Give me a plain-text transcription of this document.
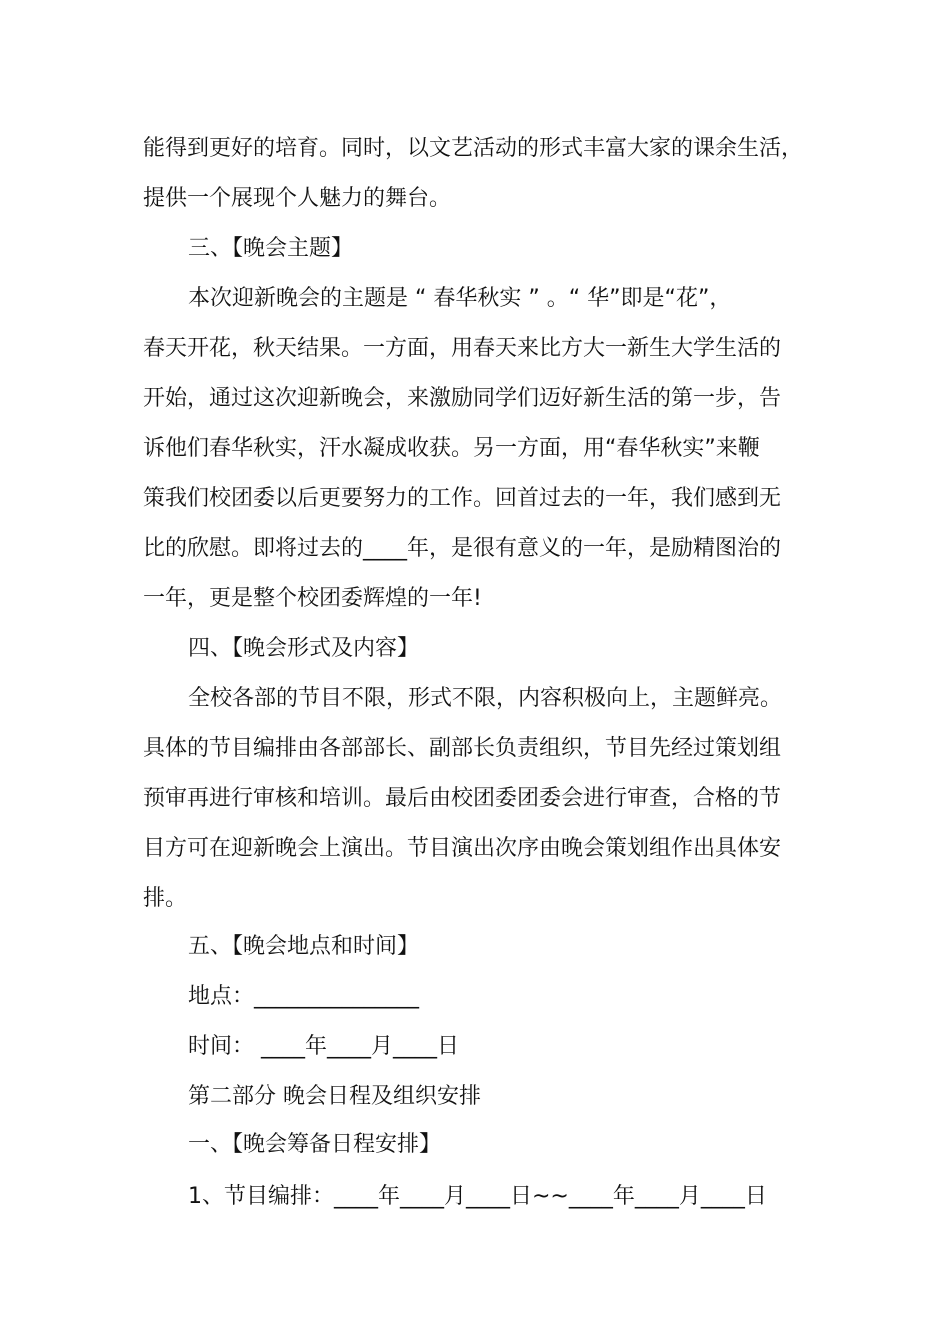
能得到更好的培育。同时，以文艺活动的形式丰富大家的课余生活，

提供一个展现个人魅力的舞台。

三、【晚会主题】

本次迎新晚会的主题是 “ 春华秋实 ” 。“ 华”即是“花”，

春天开花，秋天结果。一方面，用春天来比方大一新生大学生活的

开始，通过这次迎新晚会，来激励同学们迈好新生活的第一步，告

诉他们春华秋实，汗水凝成收获。另一方面，用“春华秋实”来鞭

策我们校团委以后更要努力的工作。回首过去的一年，我们感到无

比的欣慰。即将过去的____年，是很有意义的一年，是励精图治的

一年，更是整个校团委辉煌的一年!

四、【晚会形式及内容】

全校各部的节目不限，形式不限，内容积极向上，主题鲜亮。

具体的节目编排由各部部长、副部长负责组织，节目先经过策划组

预审再进行审核和培训。最后由校团委团委会进行审查，合格的节

目方可在迎新晚会上演出。节目演出次序由晚会策划组作出具体安

排。

五、【晚会地点和时间】

地点：_______________

时间： ____年____月____日

第二部分 晚会日程及组织安排

一、【晚会筹备日程安排】

1、节目编排：____年____月____日~~____年____月____日
